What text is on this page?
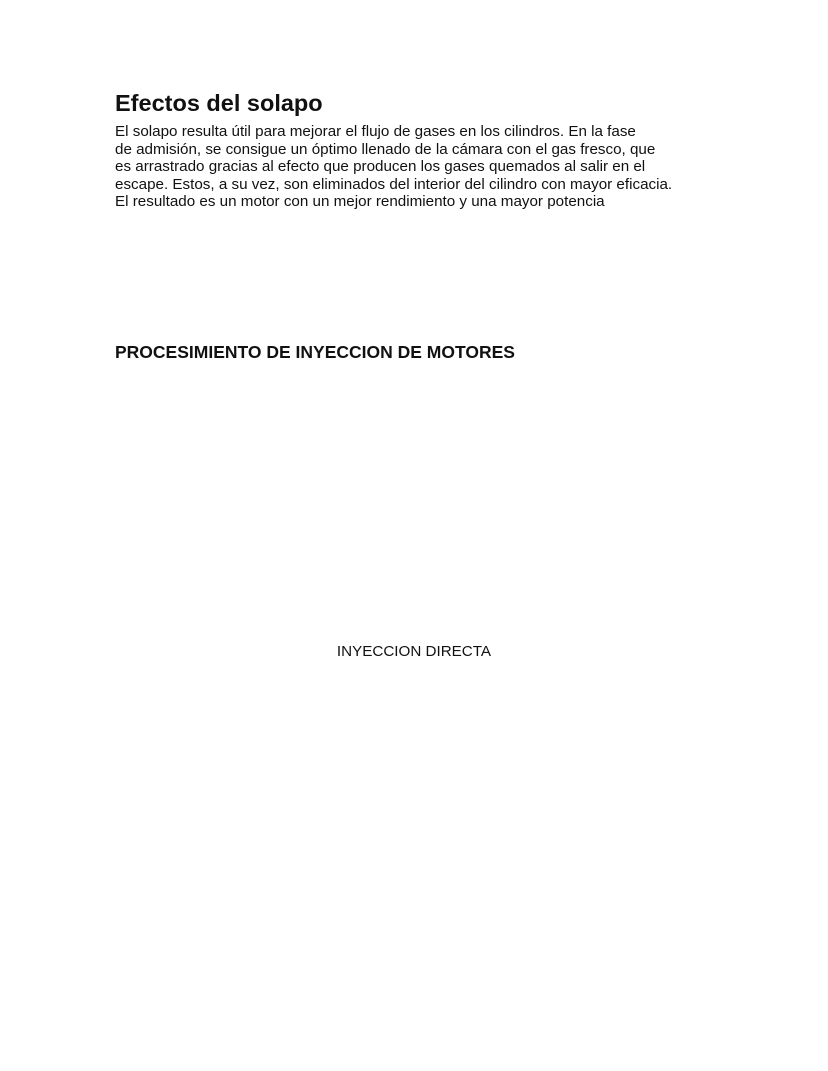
Efectos del solapo

El solapo resulta útil para mejorar el flujo de gases en los cilindros. En la fase
de admisión, se consigue un óptimo llenado de la cámara con el gas fresco, que
es arrastrado gracias al efecto que producen los gases quemados al salir en el
escape. Estos, a su vez, son eliminados del interior del cilindro con mayor eficacia.
El resultado es un motor con un mejor rendimiento y una mayor potencia

PROCESIMIENTO DE INYECCION DE MOTORES

INYECCION DIRECTA
